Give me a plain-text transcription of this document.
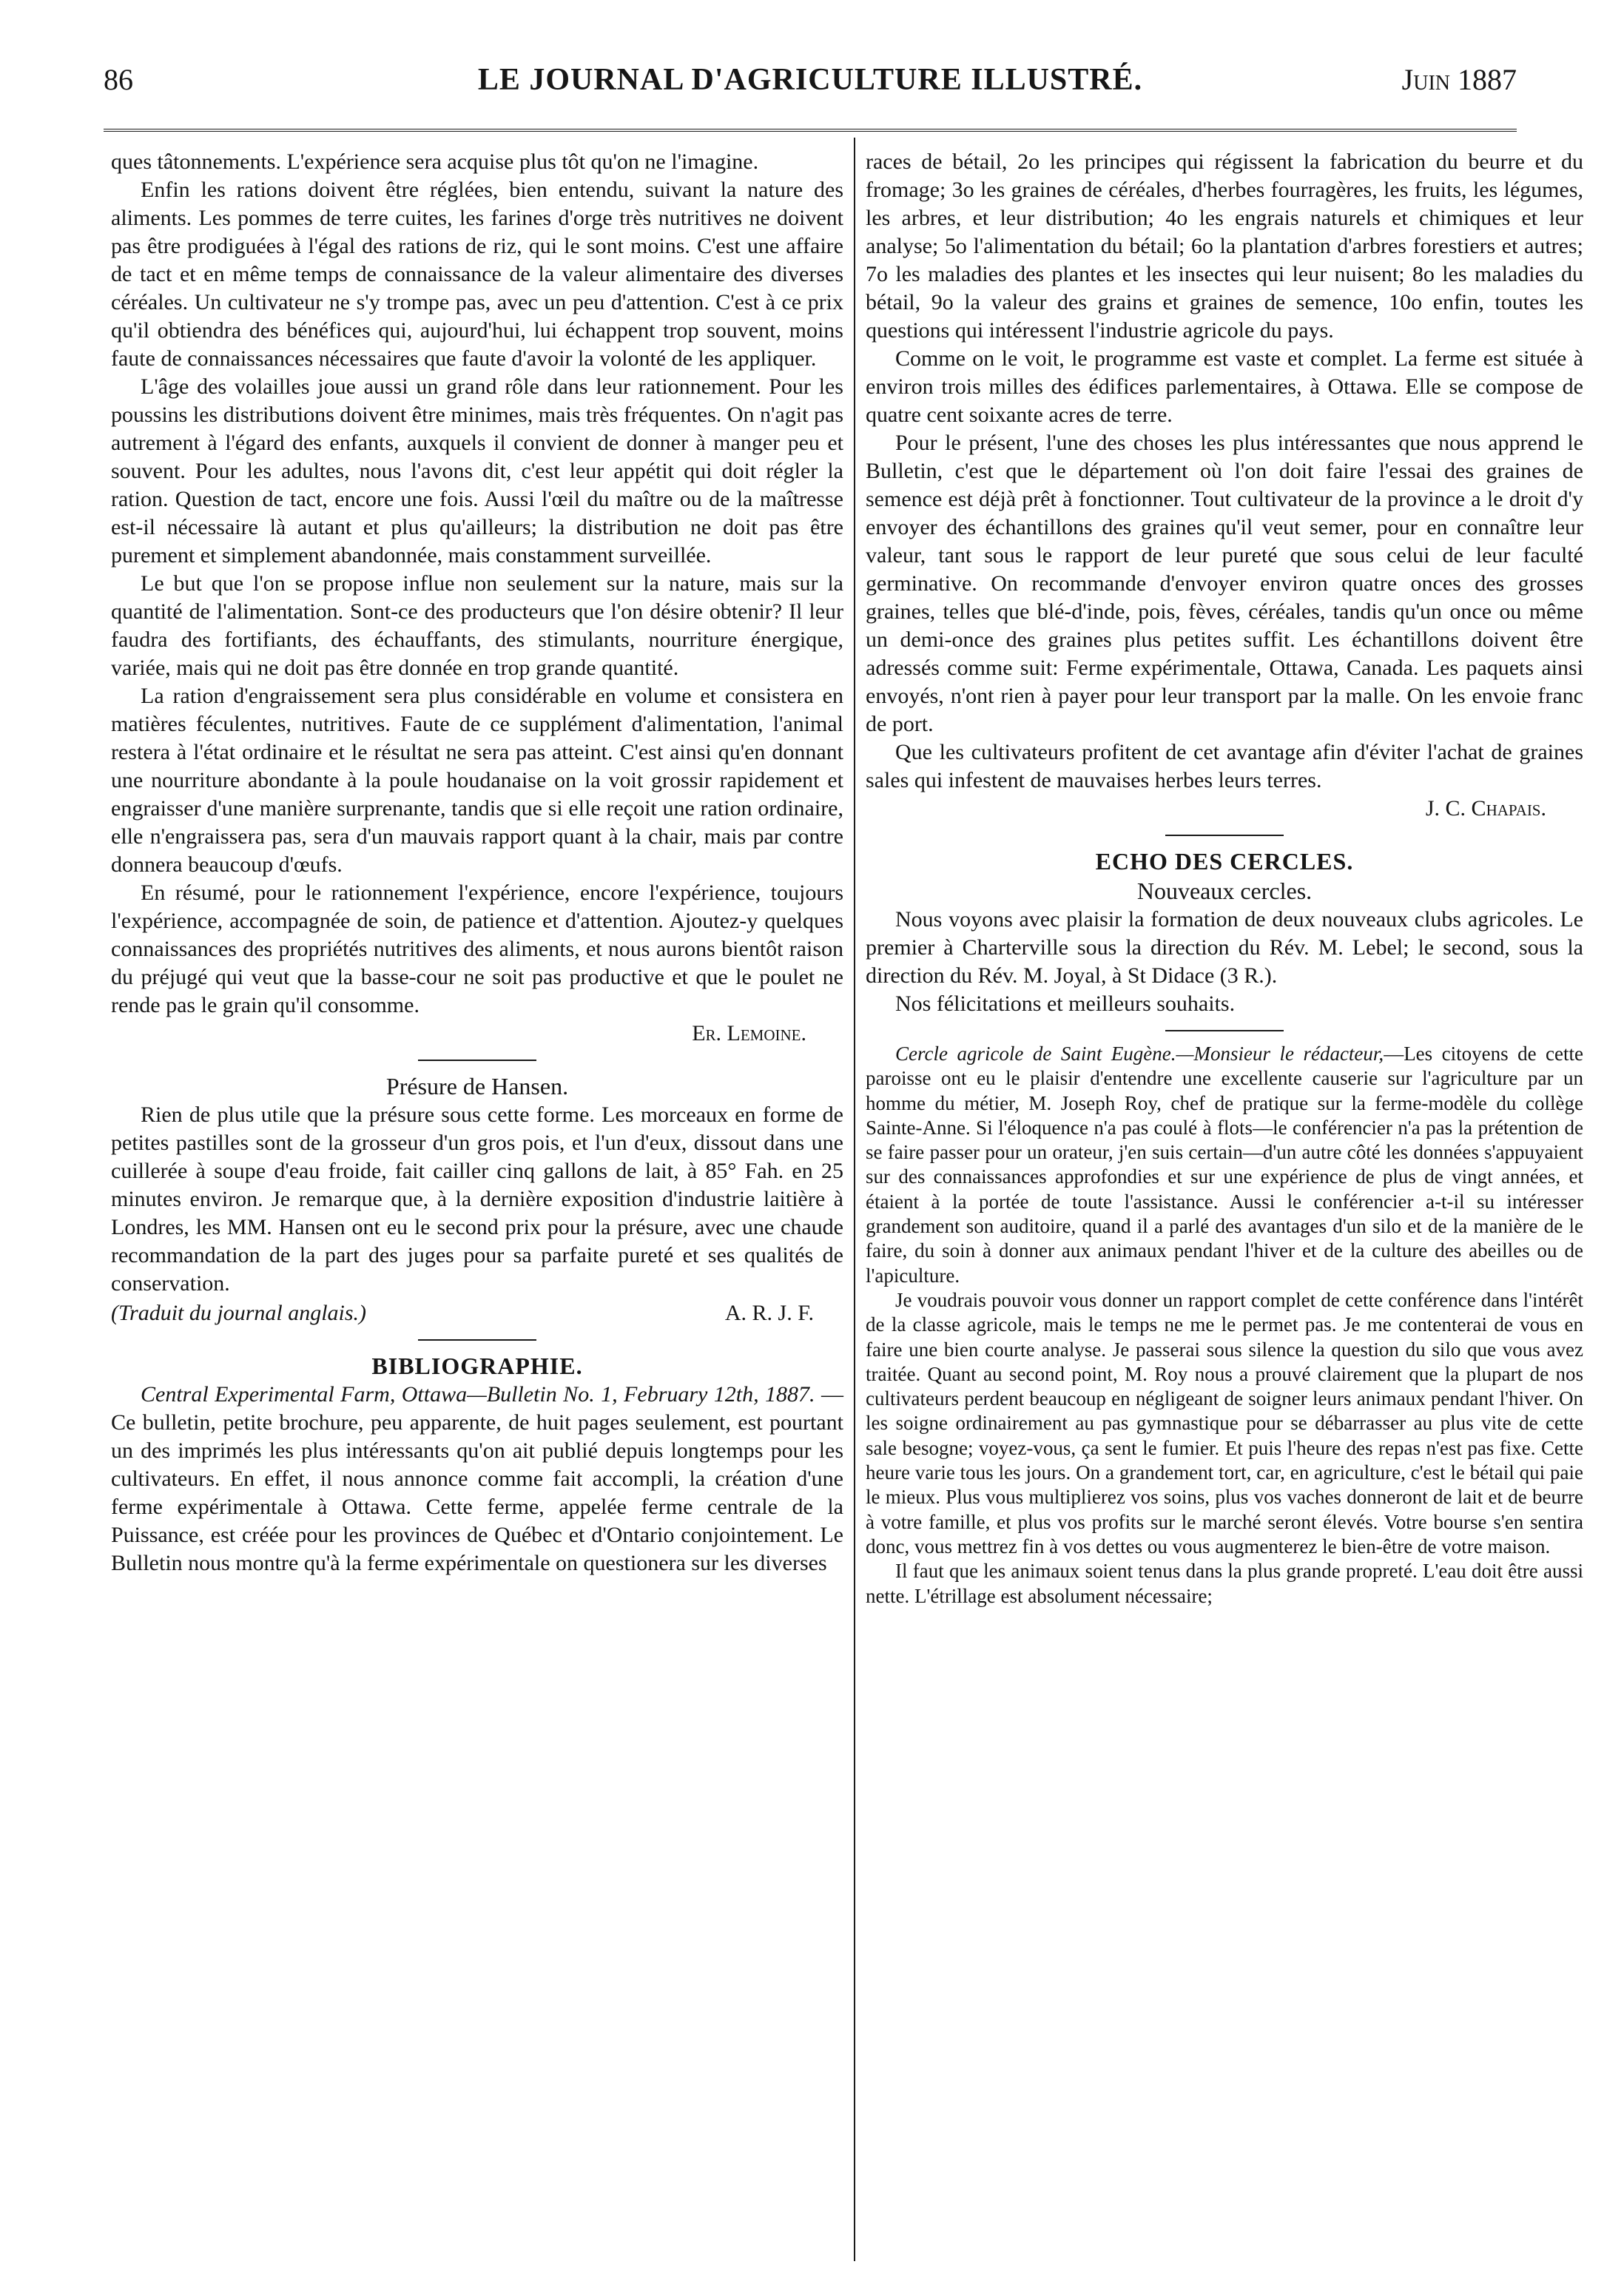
86	LE JOURNAL D'AGRICULTURE ILLUSTRÉ.	Juin 1887

ques tâtonnements. L'expérience sera acquise plus tôt qu'on ne l'imagine.

Enfin les rations doivent être réglées, bien entendu, suivant la nature des aliments. Les pommes de terre cuites, les farines d'orge très nutritives ne doivent pas être prodiguées à l'égal des rations de riz, qui le sont moins. C'est une affaire de tact et en même temps de connaissance de la valeur alimentaire des diverses céréales. Un cultivateur ne s'y trompe pas, avec un peu d'attention. C'est à ce prix qu'il obtiendra des bénéfices qui, aujourd'hui, lui échappent trop souvent, moins faute de connaissances nécessaires que faute d'avoir la volonté de les appliquer.

L'âge des volailles joue aussi un grand rôle dans leur rationnement. Pour les poussins les distributions doivent être minimes, mais très fréquentes. On n'agit pas autrement à l'égard des enfants, auxquels il convient de donner à manger peu et souvent. Pour les adultes, nous l'avons dit, c'est leur appétit qui doit régler la ration. Question de tact, encore une fois. Aussi l'œil du maître ou de la maîtresse est-il nécessaire là autant et plus qu'ailleurs; la distribution ne doit pas être purement et simplement abandonnée, mais constamment surveillée.

Le but que l'on se propose influe non seulement sur la nature, mais sur la quantité de l'alimentation. Sont-ce des producteurs que l'on désire obtenir? Il leur faudra des fortifiants, des échauffants, des stimulants, nourriture énergique, variée, mais qui ne doit pas être donnée en trop grande quantité.

La ration d'engraissement sera plus considérable en volume et consistera en matières féculentes, nutritives. Faute de ce supplément d'alimentation, l'animal restera à l'état ordinaire et le résultat ne sera pas atteint. C'est ainsi qu'en donnant une nourriture abondante à la poule houdanaise on la voit grossir rapidement et engraisser d'une manière surprenante, tandis que si elle reçoit une ration ordinaire, elle n'engraissera pas, sera d'un mauvais rapport quant à la chair, mais par contre donnera beaucoup d'œufs.

En résumé, pour le rationnement l'expérience, encore l'expérience, toujours l'expérience, accompagnée de soin, de patience et d'attention. Ajoutez-y quelques connaissances des propriétés nutritives des aliments, et nous aurons bientôt raison du préjugé qui veut que la basse-cour ne soit pas productive et que le poulet ne rende pas le grain qu'il consomme.

Er. Lemoine.

Présure de Hansen.

Rien de plus utile que la présure sous cette forme. Les morceaux en forme de petites pastilles sont de la grosseur d'un gros pois, et l'un d'eux, dissout dans une cuillerée à soupe d'eau froide, fait cailler cinq gallons de lait, à 85° Fah. en 25 minutes environ. Je remarque que, à la dernière exposition d'industrie laitière à Londres, les MM. Hansen ont eu le second prix pour la présure, avec une chaude recommandation de la part des juges pour sa parfaite pureté et ses qualités de conservation.

(Traduit du journal anglais.)	A. R. J. F.

BIBLIOGRAPHIE.

Central Experimental Farm, Ottawa—Bulletin No. 1, February 12th, 1887. — Ce bulletin, petite brochure, peu apparente, de huit pages seulement, est pourtant un des imprimés les plus intéressants qu'on ait publié depuis longtemps pour les cultivateurs. En effet, il nous annonce comme fait accompli, la création d'une ferme expérimentale à Ottawa. Cette ferme, appelée ferme centrale de la Puissance, est créée pour les provinces de Québec et d'Ontario conjointement. Le Bulletin nous montre qu'à la ferme expérimentale on questionera sur les diverses

races de bétail, 2o les principes qui régissent la fabrication du beurre et du fromage; 3o les graines de céréales, d'herbes fourragères, les fruits, les légumes, les arbres, et leur distribution; 4o les engrais naturels et chimiques et leur analyse; 5o l'alimentation du bétail; 6o la plantation d'arbres forestiers et autres; 7o les maladies des plantes et les insectes qui leur nuisent; 8o les maladies du bétail, 9o la valeur des grains et graines de semence, 10o enfin, toutes les questions qui intéressent l'industrie agricole du pays.

Comme on le voit, le programme est vaste et complet. La ferme est située à environ trois milles des édifices parlementaires, à Ottawa. Elle se compose de quatre cent soixante acres de terre.

Pour le présent, l'une des choses les plus intéressantes que nous apprend le Bulletin, c'est que le département où l'on doit faire l'essai des graines de semence est déjà prêt à fonctionner. Tout cultivateur de la province a le droit d'y envoyer des échantillons des graines qu'il veut semer, pour en connaître leur valeur, tant sous le rapport de leur pureté que sous celui de leur faculté germinative. On recommande d'envoyer environ quatre onces des grosses graines, telles que blé-d'inde, pois, fèves, céréales, tandis qu'un once ou même un demi-once des graines plus petites suffit. Les échantillons doivent être adressés comme suit: Ferme expérimentale, Ottawa, Canada. Les paquets ainsi envoyés, n'ont rien à payer pour leur transport par la malle. On les envoie franc de port.

Que les cultivateurs profitent de cet avantage afin d'éviter l'achat de graines sales qui infestent de mauvaises herbes leurs terres.

J. C. Chapais.

ECHO DES CERCLES.

Nouveaux cercles.

Nous voyons avec plaisir la formation de deux nouveaux clubs agricoles. Le premier à Charterville sous la direction du Rév. M. Lebel; le second, sous la direction du Rév. M. Joyal, à St Didace (3 R.).

Nos félicitations et meilleurs souhaits.

Cercle agricole de Saint Eugène.—Monsieur le rédacteur,—Les citoyens de cette paroisse ont eu le plaisir d'entendre une excellente causerie sur l'agriculture par un homme du métier, M. Joseph Roy, chef de pratique sur la ferme-modèle du collège Sainte-Anne. Si l'éloquence n'a pas coulé à flots—le conférencier n'a pas la prétention de se faire passer pour un orateur, j'en suis certain—d'un autre côté les données s'appuyaient sur des connaissances approfondies et sur une expérience de plus de vingt années, et étaient à la portée de toute l'assistance. Aussi le conférencier a-t-il su intéresser grandement son auditoire, quand il a parlé des avantages d'un silo et de la manière de le faire, du soin à donner aux animaux pendant l'hiver et de la culture des abeilles ou de l'apiculture.

Je voudrais pouvoir vous donner un rapport complet de cette conférence dans l'intérêt de la classe agricole, mais le temps ne me le permet pas. Je me contenterai de vous en faire une bien courte analyse. Je passerai sous silence la question du silo que vous avez traitée. Quant au second point, M. Roy nous a prouvé clairement que la plupart de nos cultivateurs perdent beaucoup en négligeant de soigner leurs animaux pendant l'hiver. On les soigne ordinairement au pas gymnastique pour se débarrasser au plus vite de cette sale besogne; voyez-vous, ça sent le fumier. Et puis l'heure des repas n'est pas fixe. Cette heure varie tous les jours. On a grandement tort, car, en agriculture, c'est le bétail qui paie le mieux. Plus vous multiplierez vos soins, plus vos vaches donneront de lait et de beurre à votre famille, et plus vos profits sur le marché seront élevés. Votre bourse s'en sentira donc, vous mettrez fin à vos dettes ou vous augmenterez le bien-être de votre maison.

Il faut que les animaux soient tenus dans la plus grande propreté. L'eau doit être aussi nette. L'étrillage est absolument nécessaire;
